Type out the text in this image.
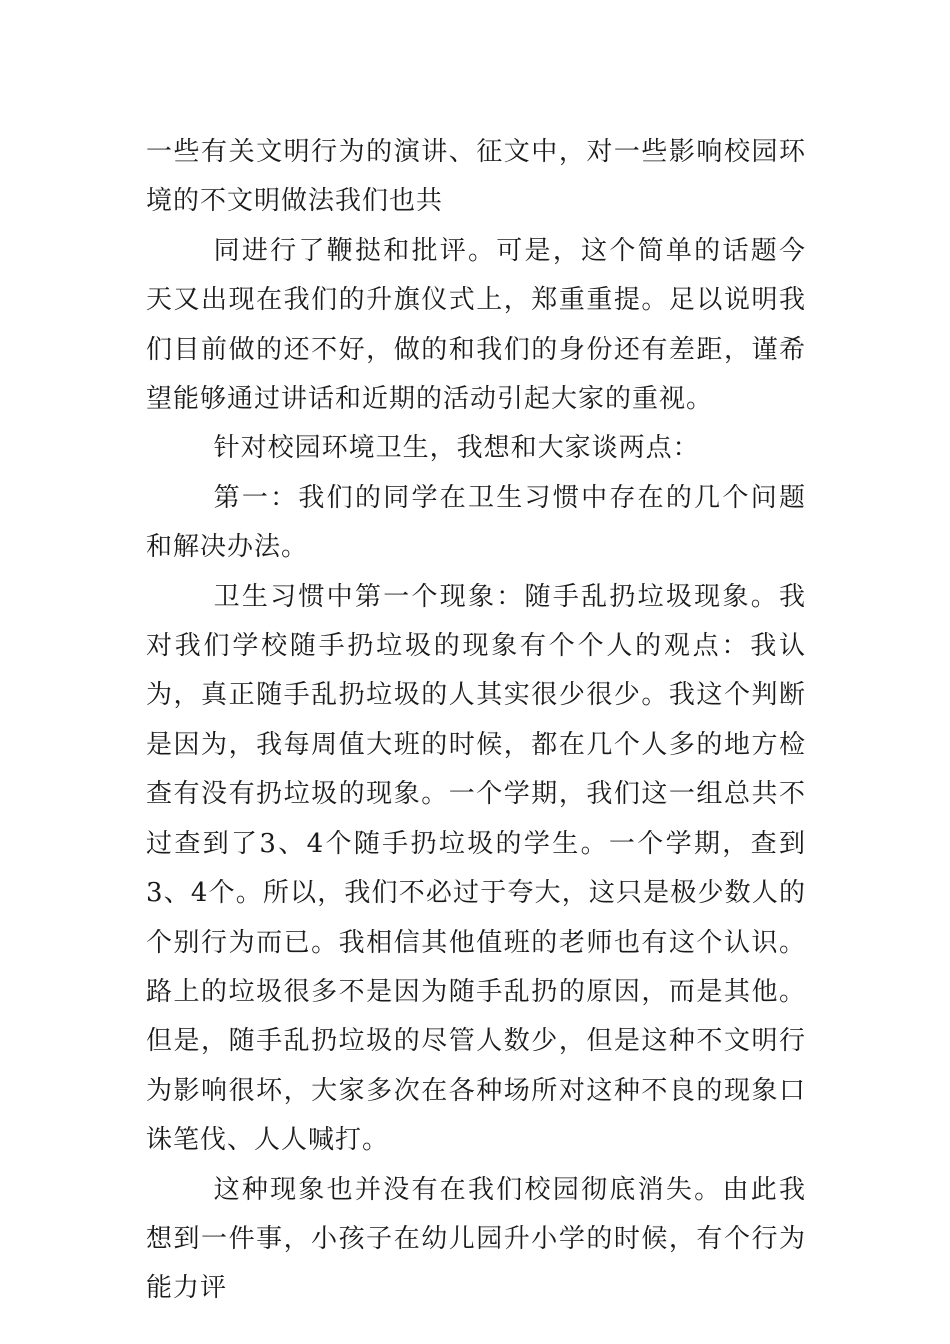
一些有关文明行为的演讲、征文中，对一些影响校园环境的不文明做法我们也共

同进行了鞭挞和批评。可是，这个简单的话题今天又出现在我们的升旗仪式上，郑重重提。足以说明我们目前做的还不好，做的和我们的身份还有差距，谨希望能够通过讲话和近期的活动引起大家的重视。

针对校园环境卫生，我想和大家谈两点：

第一：我们的同学在卫生习惯中存在的几个问题和解决办法。

卫生习惯中第一个现象：随手乱扔垃圾现象。我对我们学校随手扔垃圾的现象有个个人的观点：我认为，真正随手乱扔垃圾的人其实很少很少。我这个判断是因为，我每周值大班的时候，都在几个人多的地方检查有没有扔垃圾的现象。一个学期，我们这一组总共不过查到了3、4个随手扔垃圾的学生。一个学期，查到3、4个。所以，我们不必过于夸大，这只是极少数人的个别行为而已。我相信其他值班的老师也有这个认识。路上的垃圾很多不是因为随手乱扔的原因，而是其他。但是，随手乱扔垃圾的尽管人数少，但是这种不文明行为影响很坏，大家多次在各种场所对这种不良的现象口诛笔伐、人人喊打。

这种现象也并没有在我们校园彻底消失。由此我想到一件事，小孩子在幼儿园升小学的时候，有个行为能力评
